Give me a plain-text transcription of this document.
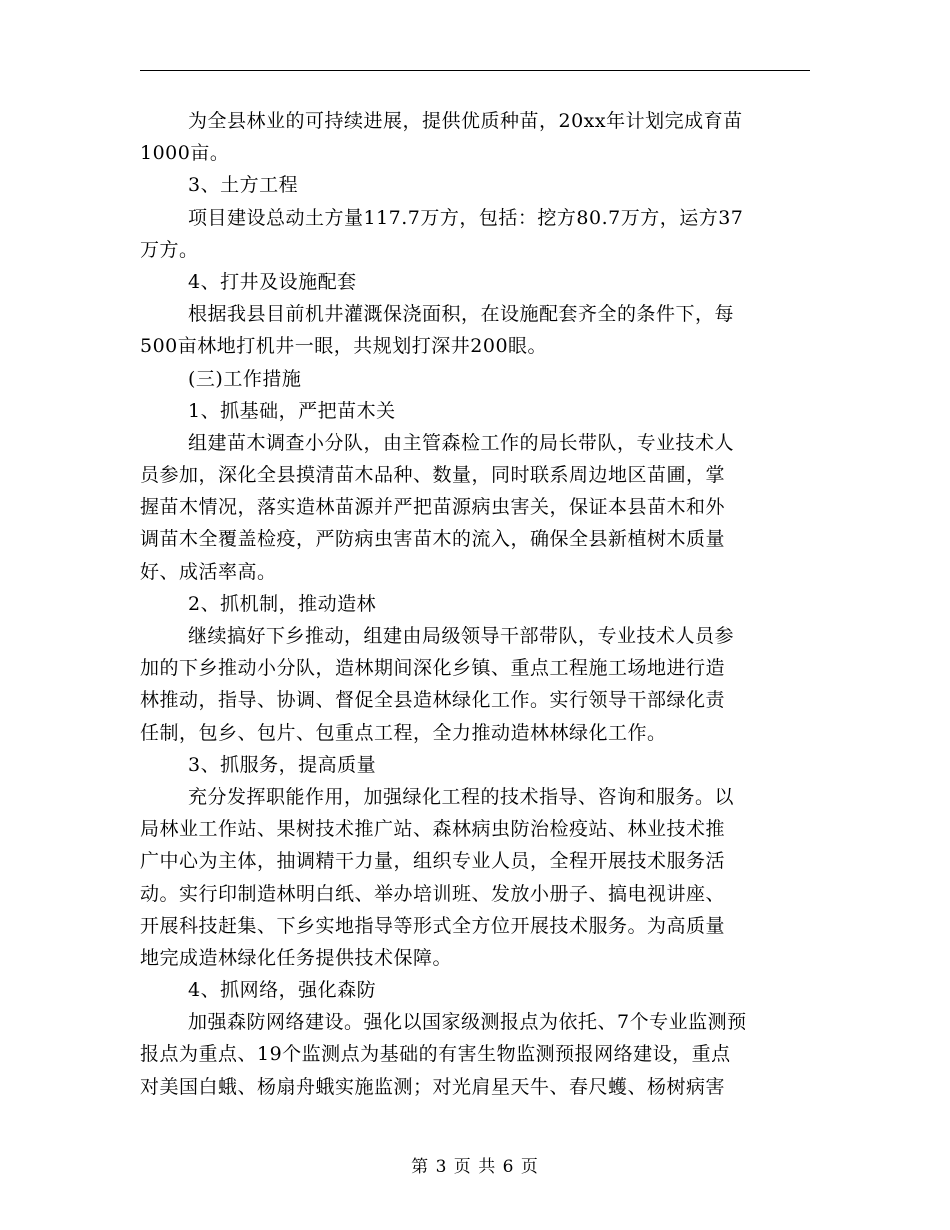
为全县林业的可持续进展，提供优质种苗，20xx年计划完成育苗
1000亩。
3、土方工程
项目建设总动土方量117.7万方，包括：挖方80.7万方，运方37
万方。
4、打井及设施配套
根据我县目前机井灌溉保浇面积，在设施配套齐全的条件下，每
500亩林地打机井一眼，共规划打深井200眼。
(三)工作措施
1、抓基础，严把苗木关
组建苗木调查小分队，由主管森检工作的局长带队，专业技术人
员参加，深化全县摸清苗木品种、数量，同时联系周边地区苗圃，掌
握苗木情况，落实造林苗源并严把苗源病虫害关，保证本县苗木和外
调苗木全覆盖检疫，严防病虫害苗木的流入，确保全县新植树木质量
好、成活率高。
2、抓机制，推动造林
继续搞好下乡推动，组建由局级领导干部带队，专业技术人员参
加的下乡推动小分队，造林期间深化乡镇、重点工程施工场地进行造
林推动，指导、协调、督促全县造林绿化工作。实行领导干部绿化责
任制，包乡、包片、包重点工程，全力推动造林林绿化工作。
3、抓服务，提高质量
充分发挥职能作用，加强绿化工程的技术指导、咨询和服务。以
局林业工作站、果树技术推广站、森林病虫防治检疫站、林业技术推
广中心为主体，抽调精干力量，组织专业人员，全程开展技术服务活
动。实行印制造林明白纸、举办培训班、发放小册子、搞电视讲座、
开展科技赶集、下乡实地指导等形式全方位开展技术服务。为高质量
地完成造林绿化任务提供技术保障。
4、抓网络，强化森防
加强森防网络建设。强化以国家级测报点为依托、7个专业监测预
报点为重点、19个监测点为基础的有害生物监测预报网络建设，重点
对美国白蛾、杨扇舟蛾实施监测；对光肩星天牛、春尺蠖、杨树病害
第 3 页 共 6 页
